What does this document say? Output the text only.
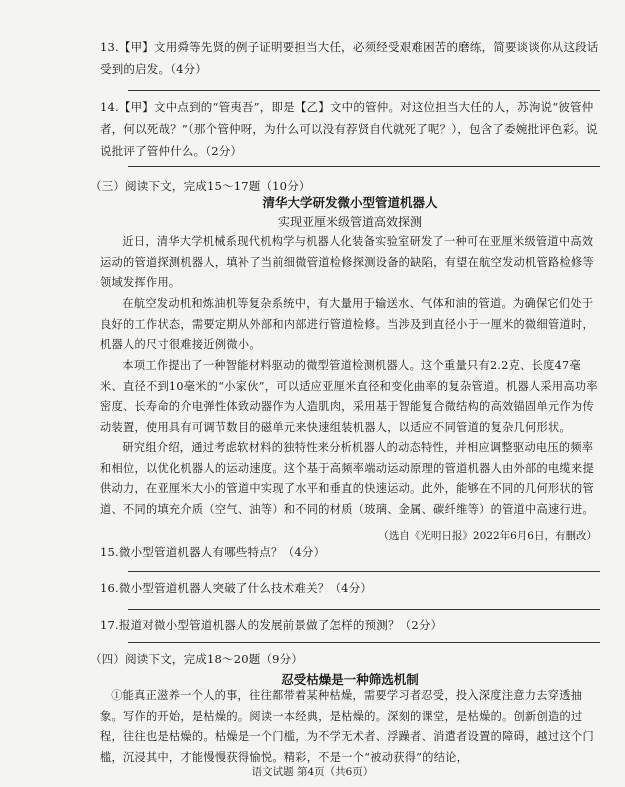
13.【甲】文用舜等先贤的例子证明要担当大任，必须经受艰难困苦的磨练，简要谈谈你从这段话受到的启发。（4分）

14.【甲】文中点到的“管夷吾”，即是【乙】文中的管仲。对这位担当大任的人，苏洵说“彼管仲者，何以死哉？”（那个管仲呀，为什么可以没有荐贤自代就死了呢？），包含了委婉批评色彩。说说批评了管仲什么。（2分）

（三）阅读下文，完成15～17题（10分）

清华大学研发微小型管道机器人

实现亚厘米级管道高效探测

近日，清华大学机械系现代机构学与机器人化装备实验室研发了一种可在亚厘米级管道中高效运动的管道探测机器人，填补了当前细微管道检修探测设备的缺陷，有望在航空发动机管路检修等领域发挥作用。

在航空发动机和炼油机等复杂系统中，有大量用于输送水、气体和油的管道。为确保它们处于良好的工作状态，需要定期从外部和内部进行管道检修。当涉及到直径小于一厘米的微细管道时，机器人的尺寸很难接近例微小。

本项工作提出了一种智能材料驱动的微型管道检测机器人。这个重量只有2.2克、长度47毫米、直径不到10毫米的“小家伙”，可以适应亚厘米直径和变化曲率的复杂管道。机器人采用高功率密度、长寿命的介电弹性体致动器作为人造肌肉，采用基于智能复合微结构的高效锚固单元作为传动装置，使用具有可调节数目的磁单元来快速组装机器人，以适应不同管道的复杂几何形状。

研究组介绍，通过考虑软材料的独特性来分析机器人的动态特性，并相应调整驱动电压的频率和相位，以优化机器人的运动速度。这个基于高频率端动运动原理的管道机器人由外部的电缆来提供动力，在亚厘米大小的管道中实现了水平和垂直的快速运动。此外，能够在不同的几何形状的管道、不同的填充介质（空气、油等）和不同的材质（玻璃、金属、碳纤维等）的管道中高速行进。

（选自《光明日报》2022年6月6日，有删改）

15.微小型管道机器人有哪些特点？（4分）

16.微小型管道机器人突破了什么技术难关？（4分）

17.报道对微小型管道机器人的发展前景做了怎样的预测？（2分）

（四）阅读下文，完成18～20题（9分）

忍受枯燥是一种筛选机制

①能真正滋养一个人的事，往往都带着某种枯燥，需要学习者忍受，投入深度注意力去穿透抽象。写作的开始，是枯燥的。阅读一本经典，是枯燥的。深刻的课堂，是枯燥的。创新创造的过程，往往也是枯燥的。枯燥是一个门槛，为不学无术者、浮躁者、消遣者设置的障碍，越过这个门槛，沉浸其中，才能慢慢获得愉悦。精彩，不是一个“被动获得”的结论，

语文试题 第4页（共6页）
